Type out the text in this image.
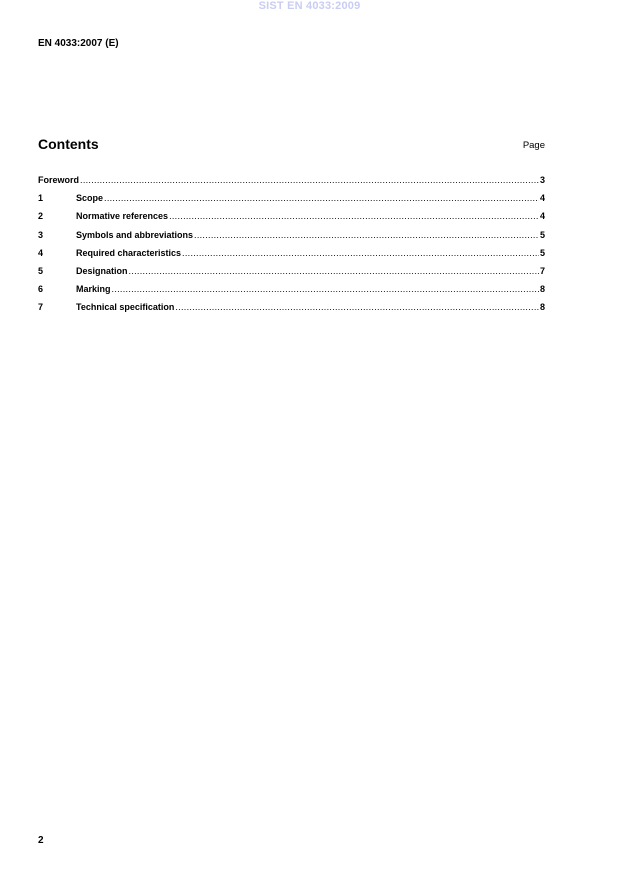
SIST EN 4033:2009
EN 4033:2007 (E)
Contents	Page
Foreword .....	3
1	Scope .....	4
2	Normative references .....	4
3	Symbols and abbreviations .....	5
4	Required characteristics .....	5
5	Designation .....	7
6	Marking .....	8
7	Technical specification .....	8
2
